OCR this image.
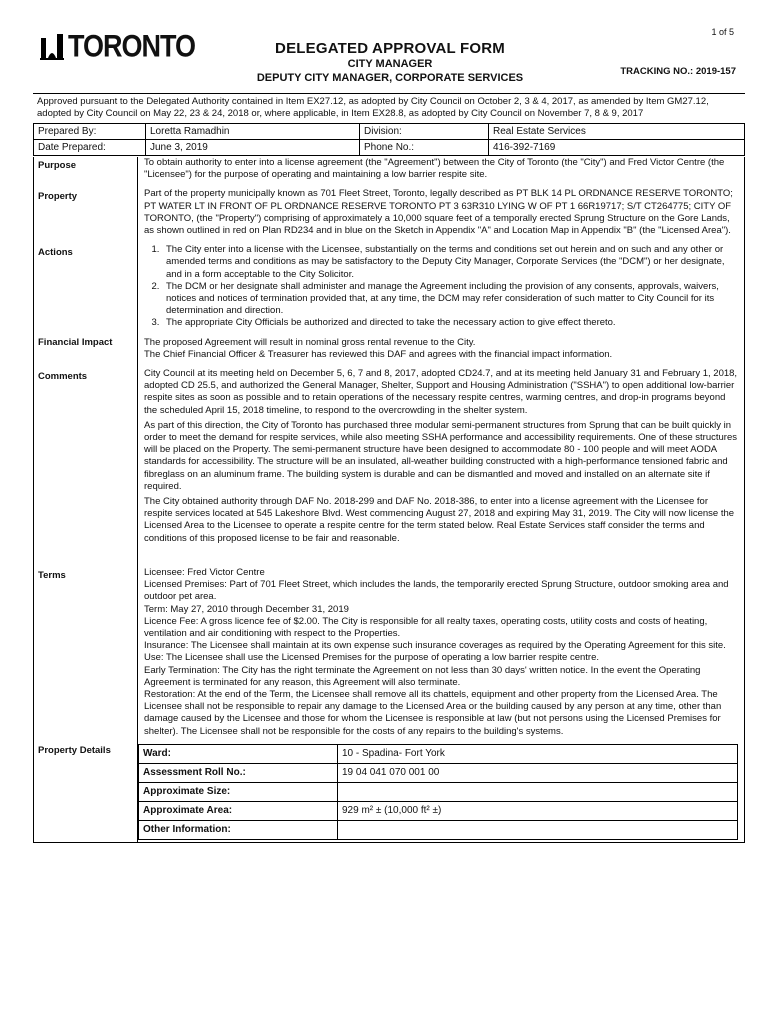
1 of 5
TORONTO	DELEGATED APPROVAL FORM
CITY MANAGER
DEPUTY CITY MANAGER, CORPORATE SERVICES
TRACKING NO.: 2019-157
Approved pursuant to the Delegated Authority contained in Item EX27.12, as adopted by City Council on October 2, 3 & 4, 2017, as amended by Item GM27.12, adopted by City Council on May 22, 23 & 24, 2018 or, where applicable, in Item EX28.8, as adopted by City Council on November 7, 8 & 9, 2017
Prepared By:	Loretta Ramadhin	Division:	Real Estate Services
Date Prepared:	June 3, 2019	Phone No.:	416-392-7169
Purpose	To obtain authority to enter into a license agreement (the "Agreement") between the City of Toronto (the "City") and Fred Victor Centre (the "Licensee") for the purpose of operating and maintaining a low barrier respite site.

Property	Part of the property municipally known as 701 Fleet Street, Toronto, legally described as PT BLK 14 PL ORDNANCE RESERVE TORONTO; PT WATER LT IN FRONT OF PL ORDNANCE RESERVE TORONTO PT 3 63R310 LYING W OF PT 1 66R19717; S/T CT264775; CITY OF TORONTO, (the "Property") comprising of approximately a 10,000 square feet of a temporally erected Sprung Structure on the Gore Lands, as shown outlined in red on Plan RD234 and in blue on the Sketch in Appendix "A" and Location Map in Appendix "B" (the "Licensed Area").

Actions	1. The City enter into a license with the Licensee, substantially on the terms and conditions set out herein and on such and any other or amended terms and conditions as may be satisfactory to the Deputy City Manager, Corporate Services (the "DCM") or her designate, and in a form acceptable to the City Solicitor.
2. The DCM or her designate shall administer and manage the Agreement including the provision of any consents, approvals, waivers, notices and notices of termination provided that, at any time, the DCM may refer consideration of such matter to City Council for its determination and direction.
3. The appropriate City Officials be authorized and directed to take the necessary action to give effect thereto.
Financial Impact	The proposed Agreement will result in nominal gross rental revenue to the City.

The Chief Financial Officer & Treasurer has reviewed this DAF and agrees with the financial impact information.

Comments	City Council at its meeting held on December 5, 6, 7 and 8, 2017, adopted CD24.7, and at its meeting held January 31 and February 1, 2018, adopted CD 25.5, and authorized the General Manager, Shelter, Support and Housing Administration ("SSHA") to open additional low-barrier respite sites as soon as possible and to retain operations of the necessary respite centres, warming centres, and drop-in programs beyond the scheduled April 15, 2018 timeline, to respond to the overcrowding in the shelter system.

As part of this direction, the City of Toronto has purchased three modular semi-permanent structures from Sprung that can be built quickly in order to meet the demand for respite services, while also meeting SSHA performance and accessibility requirements. One of these structures will be placed on the Property. The semi-permanent structure have been designed to accommodate 80 - 100 people and will meet AODA standards for accessibility. The structure will be an insulated, all-weather building constructed with a high-performance tensioned fabric and fibreglass on an aluminum frame. The building system is durable and can be dismantled and moved and installed on an alternate site if required.

The City obtained authority through DAF No. 2018-299 and DAF No. 2018-386, to enter into a license agreement with the Licensee for respite services located at 545 Lakeshore Blvd. West commencing August 27, 2018 and expiring May 31, 2019. The City will now license the Licensed Area to the Licensee to operate a respite centre for the term stated below. Real Estate Services staff consider the terms and conditions of this proposed license to be fair and reasonable.

Terms	Licensee: Fred Victor Centre
Licensed Premises: Part of 701 Fleet Street, which includes the lands, the temporarily erected Sprung Structure, outdoor smoking area and outdoor pet area.
Term: May 27, 2010 through December 31, 2019
Licence Fee: A gross licence fee of $2.00. The City is responsible for all realty taxes, operating costs, utility costs and costs of heating, ventilation and air conditioning with respect to the Properties.
Insurance: The Licensee shall maintain at its own expense such insurance coverages as required by the Operating Agreement for this site.
Use: The Licensee shall use the Licensed Premises for the purpose of operating a low barrier respite centre.
Early Termination: The City has the right terminate the Agreement on not less than 30 days' written notice. In the event the Operating Agreement is terminated for any reason, this Agreement will also terminate.
Restoration: At the end of the Term, the Licensee shall remove all its chattels, equipment and other property from the Licensed Area. The Licensee shall not be responsible to repair any damage to the Licensed Area or the building caused by any person at any time, other than damage caused by the Licensee and those for whom the Licensee is responsible at law (but not persons using the Licensed Premises for shelter). The Licensee shall not be responsible for the costs of any repairs to the building's systems.
Property Details	Ward:	10 - Spadina- Fort York
Assessment Roll No.:	19 04 041 070 001 00
Approximate Size:	
Approximate Area:	929 m² ± (10,000 ft² ±)
Other Information:	
